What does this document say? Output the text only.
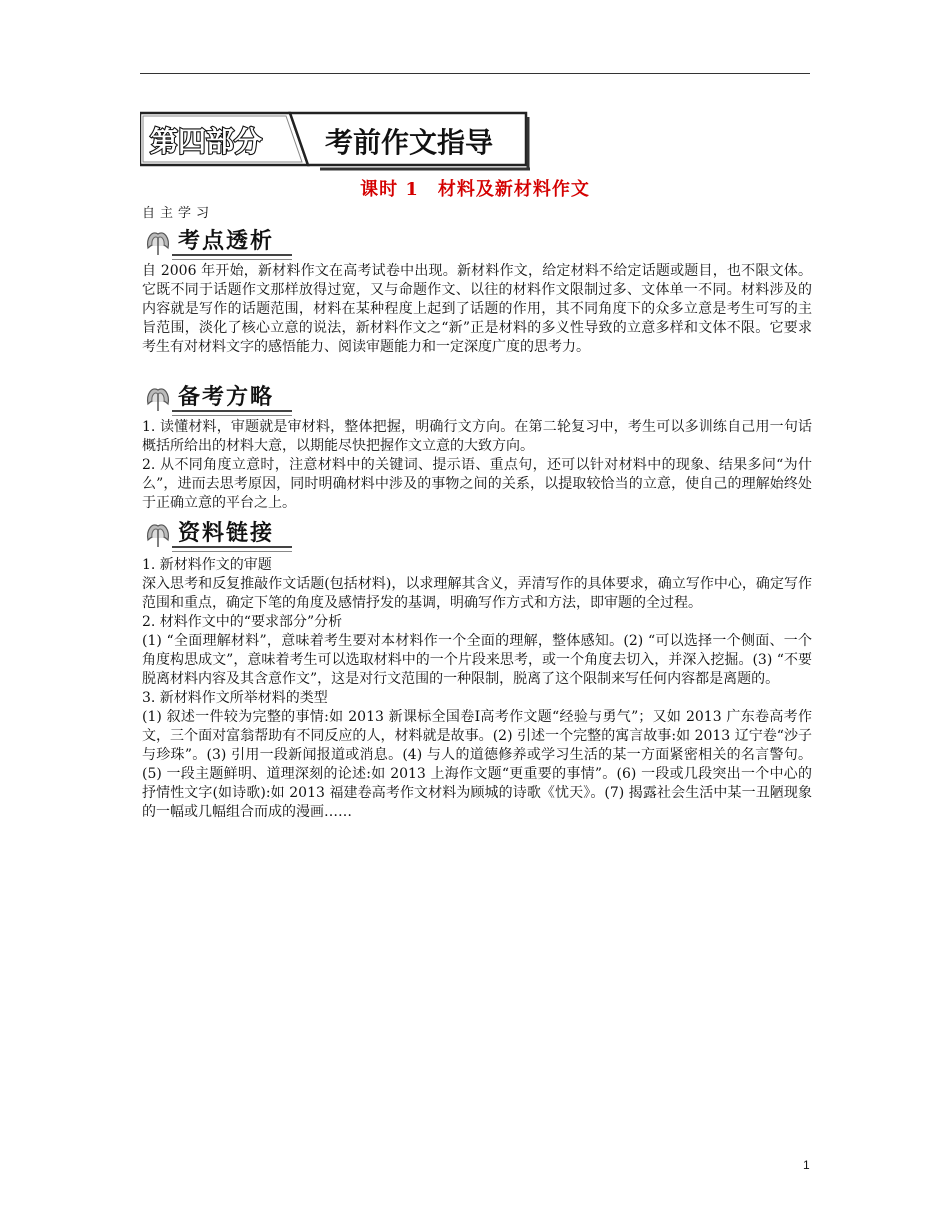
第四部分 考前作文指导
课时 1　材料及新材料作文
自主学习
考点透析

自 2006 年开始，新材料作文在高考试卷中出现。新材料作文，给定材料不给定话题或题目，也不限文体。它既不同于话题作文那样放得过宽，又与命题作文、以往的材料作文限制过多、文体单一不同。材料涉及的内容就是写作的话题范围，材料在某种程度上起到了话题的作用，其不同角度下的众多立意是考生可写的主旨范围，淡化了核心立意的说法，新材料作文之“新”正是材料的多义性导致的立意多样和文体不限。它要求考生有对材料文字的感悟能力、阅读审题能力和一定深度广度的思考力。

备考方略

1. 读懂材料，审题就是审材料，整体把握，明确行文方向。在第二轮复习中，考生可以多训练自己用一句话概括所给出的材料大意，以期能尽快把握作文立意的大致方向。

2. 从不同角度立意时，注意材料中的关键词、提示语、重点句，还可以针对材料中的现象、结果多问“为什么”，进而去思考原因，同时明确材料中涉及的事物之间的关系，以提取较恰当的立意，使自己的理解始终处于正确立意的平台之上。

资料链接

1. 新材料作文的审题

深入思考和反复推敲作文话题(包括材料)，以求理解其含义，弄清写作的具体要求，确立写作中心，确定写作范围和重点，确定下笔的角度及感情抒发的基调，明确写作方式和方法，即审题的全过程。

2. 材料作文中的“要求部分”分析

(1) “全面理解材料”，意味着考生要对本材料作一个全面的理解，整体感知。(2) “可以选择一个侧面、一个角度构思成文”，意味着考生可以选取材料中的一个片段来思考，或一个角度去切入，并深入挖掘。(3) “不要脱离材料内容及其含意作文”，这是对行文范围的一种限制，脱离了这个限制来写任何内容都是离题的。

3. 新材料作文所举材料的类型

(1) 叙述一件较为完整的事情:如 2013 新课标全国卷Ⅰ高考作文题“经验与勇气”；又如 2013 广东卷高考作文，三个面对富翁帮助有不同反应的人，材料就是故事。(2) 引述一个完整的寓言故事:如 2013 辽宁卷“沙子与珍珠”。(3) 引用一段新闻报道或消息。(4) 与人的道德修养或学习生活的某一方面紧密相关的名言警句。(5) 一段主题鲜明、道理深刻的论述:如 2013 上海作文题“更重要的事情”。(6) 一段或几段突出一个中心的抒情性文字(如诗歌):如 2013 福建卷高考作文材料为顾城的诗歌《忧天》。(7) 揭露社会生活中某一丑陋现象的一幅或几幅组合而成的漫画……

1
